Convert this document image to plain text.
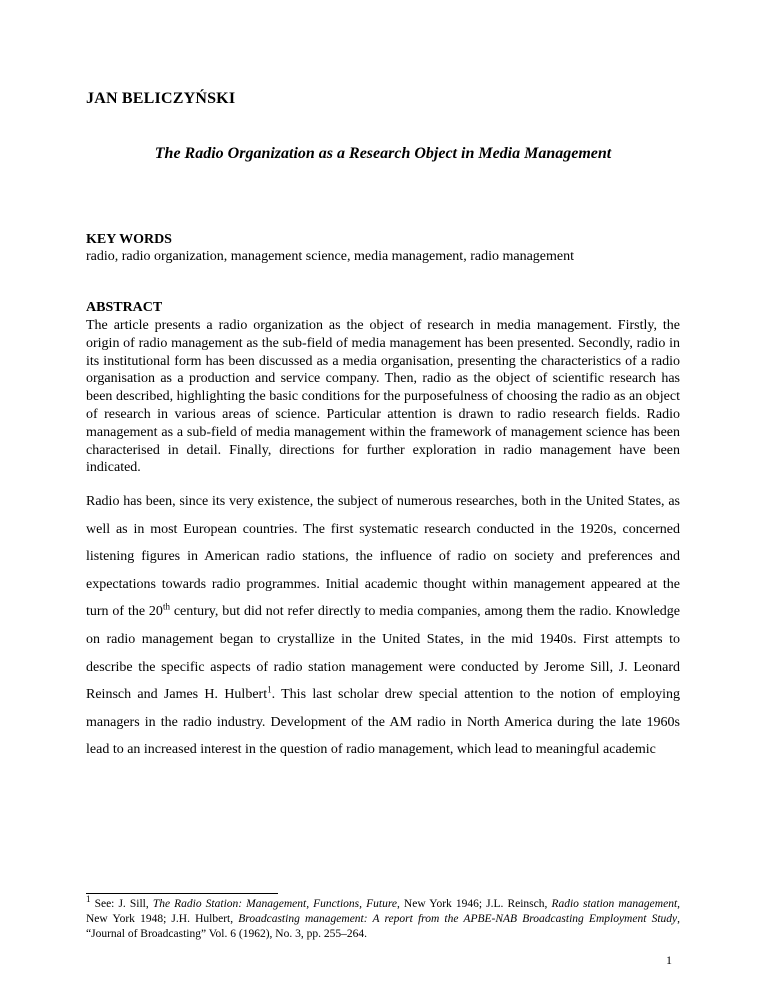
JAN BELICZYŃSKI
The Radio Organization as a Research Object in Media Management
KEY WORDS
radio, radio organization, management science, media management, radio management
ABSTRACT
The article presents a radio organization as the object of research in media management. Firstly, the origin of radio management as the sub-field of media management has been presented. Secondly, radio in its institutional form has been discussed as a media organisation, presenting the characteristics of a radio organisation as a production and service company. Then, radio as the object of scientific research has been described, highlighting the basic conditions for the purposefulness of choosing the radio as an object of research in various areas of science. Particular attention is drawn to radio research fields. Radio management as a sub-field of media management within the framework of management science has been characterised in detail. Finally, directions for further exploration in radio management have been indicated.
Radio has been, since its very existence, the subject of numerous researches, both in the United States, as well as in most European countries. The first systematic research conducted in the 1920s, concerned listening figures in American radio stations, the influence of radio on society and preferences and expectations towards radio programmes. Initial academic thought within management appeared at the turn of the 20th century, but did not refer directly to media companies, among them the radio. Knowledge on radio management began to crystallize in the United States, in the mid 1940s. First attempts to describe the specific aspects of radio station management were conducted by Jerome Sill, J. Leonard Reinsch and James H. Hulbert$^1$. This last scholar drew special attention to the notion of employing managers in the radio industry. Development of the AM radio in North America during the late 1960s lead to an increased interest in the question of radio management, which lead to meaningful academic
$^1$ See: J. Sill, The Radio Station: Management, Functions, Future, New York 1946; J.L. Reinsch, Radio station management, New York 1948; J.H. Hulbert, Broadcasting management: A report from the APBE-NAB Broadcasting Employment Study, “Journal of Broadcasting” Vol. 6 (1962), No. 3, pp. 255–264.
1
